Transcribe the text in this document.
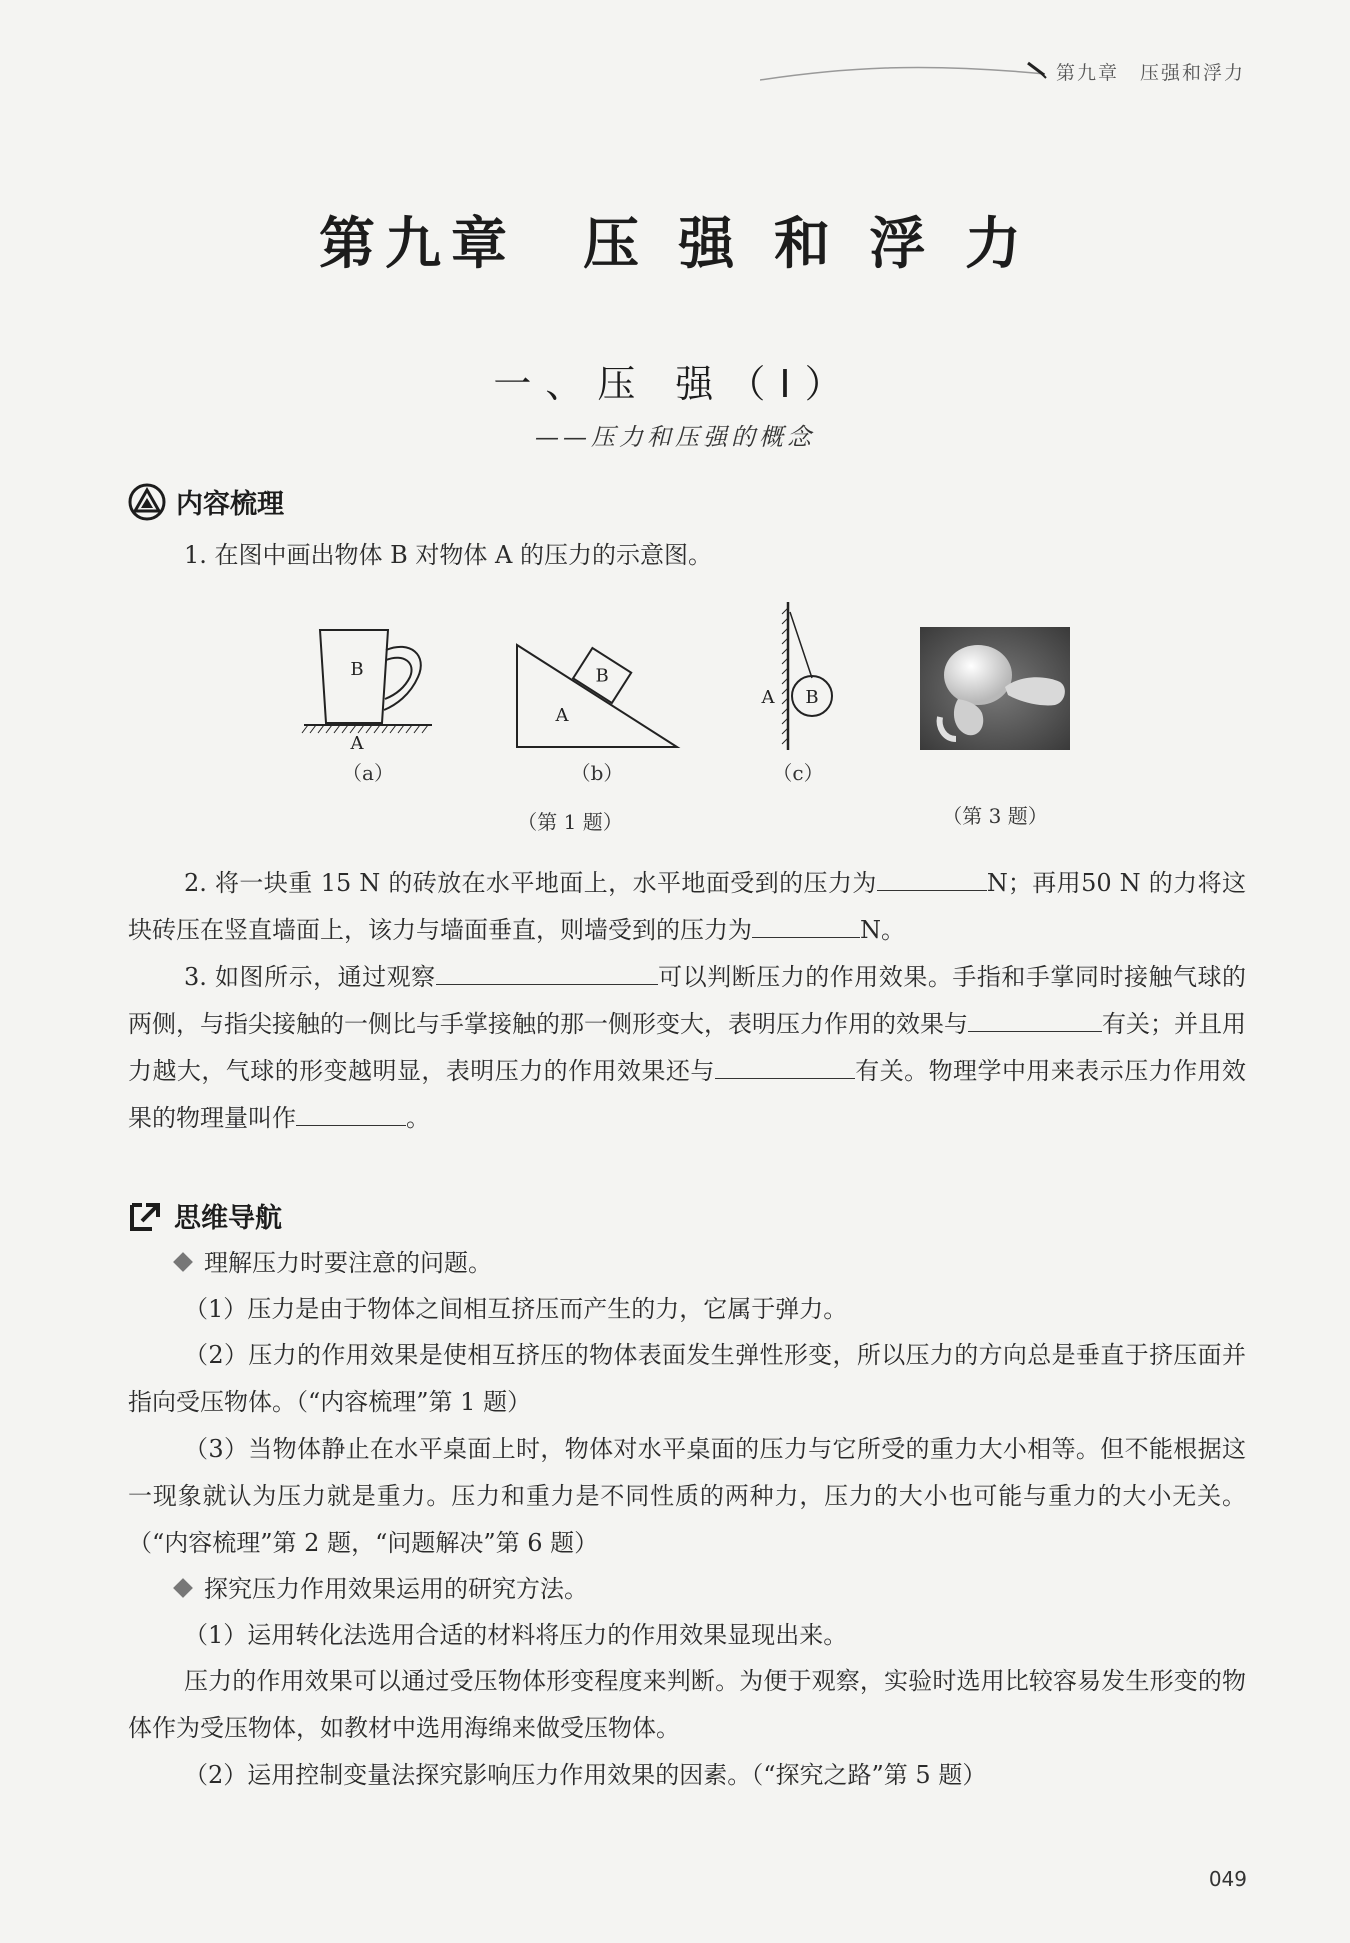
第九章　压强和浮力
第九章　压 强 和 浮 力
一、压 强（Ⅰ）
——压力和压强的概念
内容梳理
1. 在图中画出物体 B 对物体 A 的压力的示意图。
B
A
（a）
B
A
（b）
B
A
（c）
（第 1 题）	（第 3 题）
2. 将一块重 15 N 的砖放在水平地面上，水平地面受到的压力为	N；再用50 N 的力将这块砖压在竖直墙面上，该力与墙面垂直，则墙受到的压力为	N。
3. 如图所示，通过观察	可以判断压力的作用效果。手指和手掌同时接触气球的两侧，与指尖接触的一侧比与手掌接触的那一侧形变大，表明压力作用的效果与	有关；并且用力越大，气球的形变越明显，表明压力的作用效果还与	有关。物理学中用来表示压力作用效果的物理量叫作	。
思维导航
理解压力时要注意的问题。
（1）压力是由于物体之间相互挤压而产生的力，它属于弹力。
（2）压力的作用效果是使相互挤压的物体表面发生弹性形变，所以压力的方向总是垂直于挤压面并指向受压物体。（“内容梳理”第 1 题）
（3）当物体静止在水平桌面上时，物体对水平桌面的压力与它所受的重力大小相等。但不能根据这一现象就认为压力就是重力。压力和重力是不同性质的两种力，压力的大小也可能与重力的大小无关。（“内容梳理”第 2 题，“问题解决”第 6 题）
探究压力作用效果运用的研究方法。
（1）运用转化法选用合适的材料将压力的作用效果显现出来。
压力的作用效果可以通过受压物体形变程度来判断。为便于观察，实验时选用比较容易发生形变的物体作为受压物体，如教材中选用海绵来做受压物体。
（2）运用控制变量法探究影响压力作用效果的因素。（“探究之路”第 5 题）
049
